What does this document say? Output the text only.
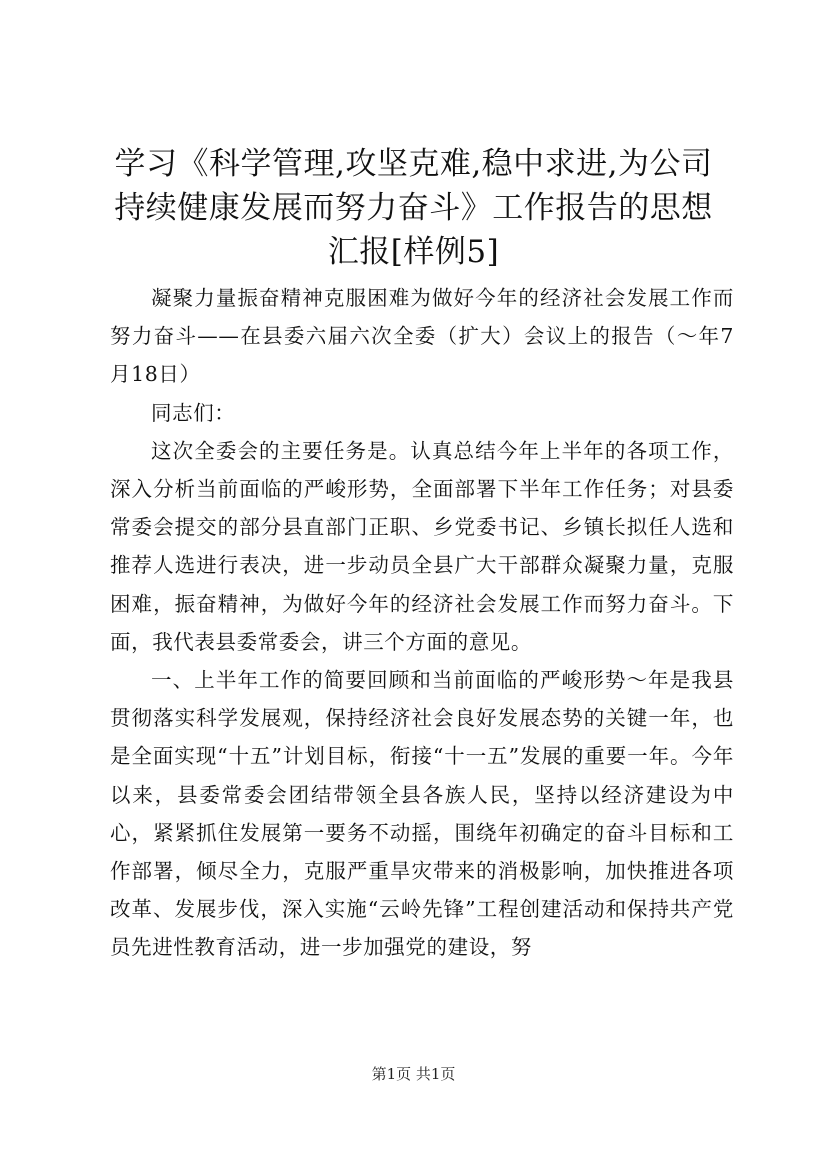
学习《科学管理,攻坚克难,稳中求进,为公司持续健康发展而努力奋斗》工作报告的思想汇报[样例5]

凝聚力量振奋精神克服困难为做好今年的经济社会发展工作而努力奋斗——在县委六届六次全委（扩大）会议上的报告（～年7月18日）

同志们：

这次全委会的主要任务是。认真总结今年上半年的各项工作，深入分析当前面临的严峻形势，全面部署下半年工作任务；对县委常委会提交的部分县直部门正职、乡党委书记、乡镇长拟任人选和推荐人选进行表决，进一步动员全县广大干部群众凝聚力量，克服困难，振奋精神，为做好今年的经济社会发展工作而努力奋斗。下面，我代表县委常委会，讲三个方面的意见。

一、上半年工作的简要回顾和当前面临的严峻形势～年是我县贯彻落实科学发展观，保持经济社会良好发展态势的关键一年，也是全面实现“十五”计划目标，衔接“十一五”发展的重要一年。今年以来，县委常委会团结带领全县各族人民，坚持以经济建设为中心，紧紧抓住发展第一要务不动摇，围绕年初确定的奋斗目标和工作部署，倾尽全力，克服严重旱灾带来的消极影响，加快推进各项改革、发展步伐，深入实施“云岭先锋”工程创建活动和保持共产党员先进性教育活动，进一步加强党的建设，努

第1页 共1页
